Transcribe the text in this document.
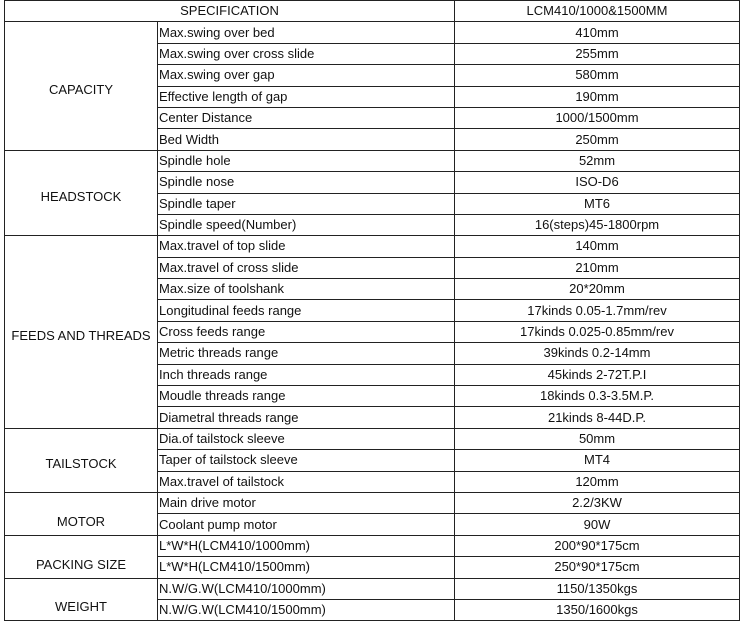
SPECIFICATION		LCM410/1000&1500MM
CAPACITY	Max.swing over bed	410mm
	Max.swing over cross slide	255mm
	Max.swing over gap	580mm
	Effective length of gap	190mm
	Center Distance	1000/1500mm
	Bed Width	250mm
HEADSTOCK	Spindle hole	52mm
	Spindle nose	ISO-D6
	Spindle taper	MT6
	Spindle speed(Number)	16(steps)45-1800rpm
FEEDS AND THREADS	Max.travel of top slide	140mm
	Max.travel of cross slide	210mm
	Max.size of toolshank	20*20mm
	Longitudinal feeds range	17kinds 0.05-1.7mm/rev
	Cross feeds range	17kinds 0.025-0.85mm/rev
	Metric threads range	39kinds 0.2-14mm
	Inch threads range	45kinds 2-72T.P.I
	Moudle threads range	18kinds 0.3-3.5M.P.
	Diametral threads range	21kinds 8-44D.P.
TAILSTOCK	Dia.of tailstock sleeve	50mm
	Taper of tailstock sleeve	MT4
	Max.travel of tailstock	120mm
MOTOR	Main drive motor	2.2/3KW
	Coolant pump motor	90W
PACKING SIZE	L*W*H(LCM410/1000mm)	200*90*175cm
	L*W*H(LCM410/1500mm)	250*90*175cm
WEIGHT	N.W/G.W(LCM410/1000mm)	1150/1350kgs
	N.W/G.W(LCM410/1500mm)	1350/1600kgs
